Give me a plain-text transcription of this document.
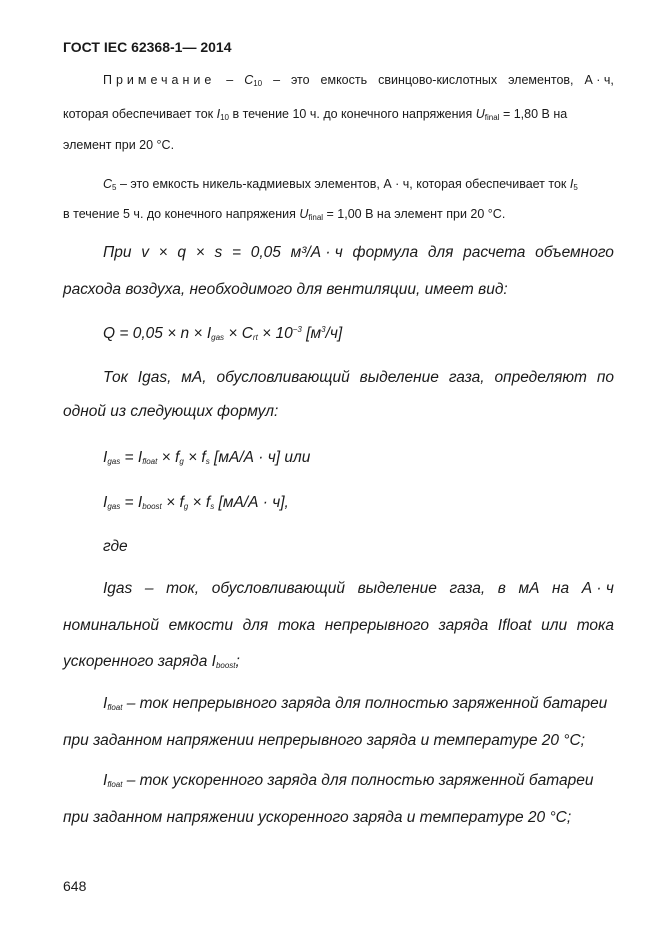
ГОСТ IEC 62368-1— 2014
Примечание – $C_{10}$ – это емкость свинцово-кислотных элементов, А · ч,
которая обеспечивает ток $I_{10}$ в течение 10 ч. до конечного напряжения $U_{final} = 1,80$ В на
элемент при 20 °С.
$C_5$ – это емкость никель-кадмиевых элементов, А · ч, которая обеспечивает ток $I_5$
в течение 5 ч. до конечного напряжения $U_{final} = 1,00$ В на элемент при 20 °С.
При v × q × s = 0,05 м³/А · ч формула для расчета объемного
расхода воздуха, необходимого для вентиляции, имеет вид:
$Q = 0,05 \times n \times I_{gas} \times C_{rt} \times 10^{-3}$ $[м^3/ч]$
Ток Igas, мА, обусловливающий выделение газа, определяют по
одной из следующих формул:
$I_{gas} = I_{float} \times f_g \times f_s$ [мА/А · ч] или
$I_{gas} = I_{boost} \times f_g \times f_s$ [мА/А · ч],
где
Igas – ток, обусловливающий выделение газа, в мА на А · ч
номинальной емкости для тока непрерывного заряда Ifloat или тока
ускоренного заряда $I_{boost}$;
$I_{float}$ – ток непрерывного заряда для полностью заряженной батареи
при заданном напряжении непрерывного заряда и температуре 20 °С;
$I_{float}$ – ток ускоренного заряда для полностью заряженной батареи
при заданном напряжении ускоренного заряда и температуре 20 °С;
648
